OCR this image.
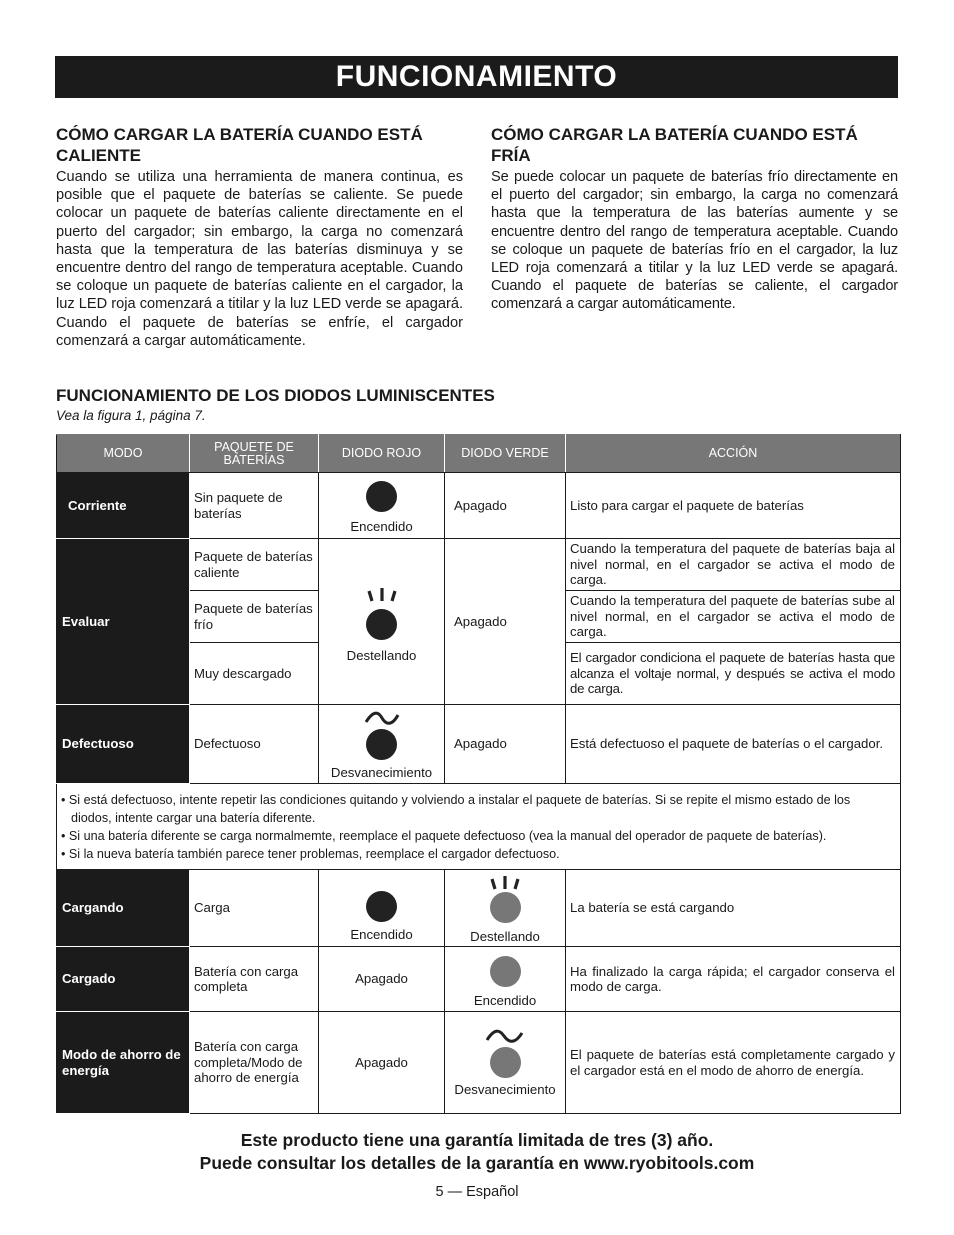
FUNCIONAMIENTO
CÓMO CARGAR LA BATERÍA CUANDO ESTÁ CALIENTE

Cuando se utiliza una herramienta de manera continua, es posible que el paquete de baterías se caliente. Se puede colocar un paquete de baterías caliente directamente en el puerto del cargador; sin embargo, la carga no comenzará hasta que la temperatura de las baterías disminuya y se encuentre dentro del rango de temperatura aceptable. Cuando se coloque un paquete de baterías caliente en el cargador, la luz LED roja comenzará a titilar y la luz LED verde se apagará. Cuando el paquete de baterías se enfríe, el cargador comenzará a cargar automáticamente.

CÓMO CARGAR LA BATERÍA CUANDO ESTÁ FRÍA

Se puede colocar un paquete de baterías frío directamente en el puerto del cargador; sin embargo, la carga no comenzará hasta que la temperatura de las baterías aumente y se encuentre dentro del rango de temperatura aceptable. Cuando se coloque un paquete de baterías frío en el cargador, la luz LED roja comenzará a titilar y la luz LED verde se apagará. Cuando el paquete de baterías se caliente, el cargador comenzará a cargar automáticamente.

FUNCIONAMIENTO DE LOS DIODOS LUMINISCENTES
Vea la figura 1, página 7.
MODO	PAQUETE DE BATERÍAS	DIODO ROJO	DIODO VERDE	ACCIÓN
Corriente	Sin paquete de baterías	Encendido	Apagado	Listo para cargar el paquete de baterías
Evaluar	Paquete de baterías caliente	Destellando	Apagado	Cuando la temperatura del paquete de baterías baja al nivel normal, en el cargador se activa el modo de carga.
	Paquete de baterías frío			Cuando la temperatura del paquete de baterías sube al nivel normal, en el cargador se activa el modo de carga.
	Muy descargado			El cargador condiciona el paquete de baterías hasta que alcanza el voltaje normal, y después se activa el modo de carga.
Defectuoso	Defectuoso	Desvanecimiento	Apagado	Está defectuoso el paquete de baterías o el cargador.

• Si está defectuoso, intente repetir las condiciones quitando y volviendo a instalar el paquete de baterías. Si se repite el mismo estado de los diodos, intente cargar una batería diferente.
• Si una batería diferente se carga normalmemte, reemplace el paquete defectuoso (vea la manual del operador de paquete de baterías).
• Si la nueva batería también parece tener problemas, reemplace el cargador defectuoso.				

Cargando	Carga	Encendido	Destellando	La batería se está cargando
Cargado	Batería con carga completa	Apagado	Encendido	Ha finalizado la carga rápida; el cargador conserva el modo de carga.
Modo de ahorro de energía	Batería con carga completa/Modo de ahorro de energía	Apagado	Desvanecimiento	El paquete de baterías está completamente cargado y el cargador está en el modo de ahorro de energía.
Este producto tiene una garantía limitada de tres (3) año.
Puede consultar los detalles de la garantía en www.ryobitools.com
5 — Español
